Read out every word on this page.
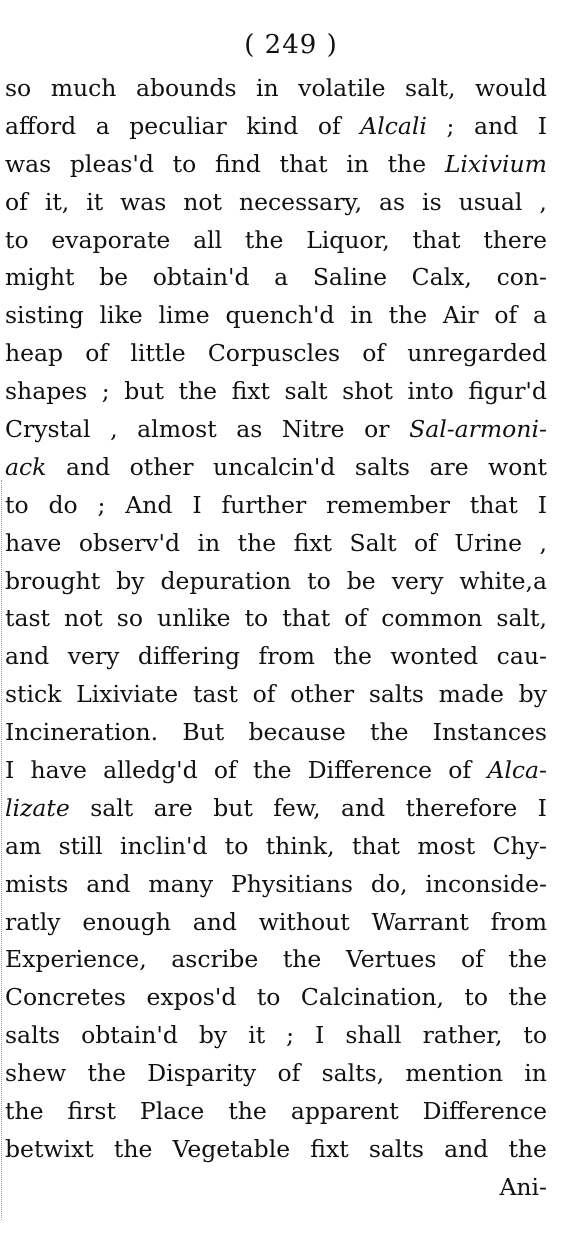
( 249 )
so much abounds in volatile salt, would
afford a peculiar kind of Alcali ; and I
was pleas'd to find that in the Lixivium
of it, it was not necessary, as is usual ,
to evaporate all the Liquor, that there
might be obtain'd a Saline Calx, con-
sisting like lime quench'd in the Air of a
heap of little Corpuscles of unregarded
shapes ; but the fixt salt shot into figur'd
Crystal , almost as Nitre or Sal-armoni-
ack and other uncalcin'd salts are wont
to do ; And I further remember that I
have observ'd in the fixt Salt of Urine ,
brought by depuration to be very white,a
tast not so unlike to that of common salt,
and very differing from the wonted cau-
stick Lixiviate tast of other salts made by
Incineration. But because the Instances
I have alledg'd of the Difference of Alca-
lizate salt are but few, and therefore I
am still inclin'd to think, that most Chy-
mists and many Physitians do, inconside-
ratly enough and without Warrant from
Experience, ascribe the Vertues of the
Concretes expos'd to Calcination, to the
salts obtain'd by it ; I shall rather, to
shew the Disparity of salts, mention in
the first Place the apparent Difference
betwixt the Vegetable fixt salts and the
Ani-
